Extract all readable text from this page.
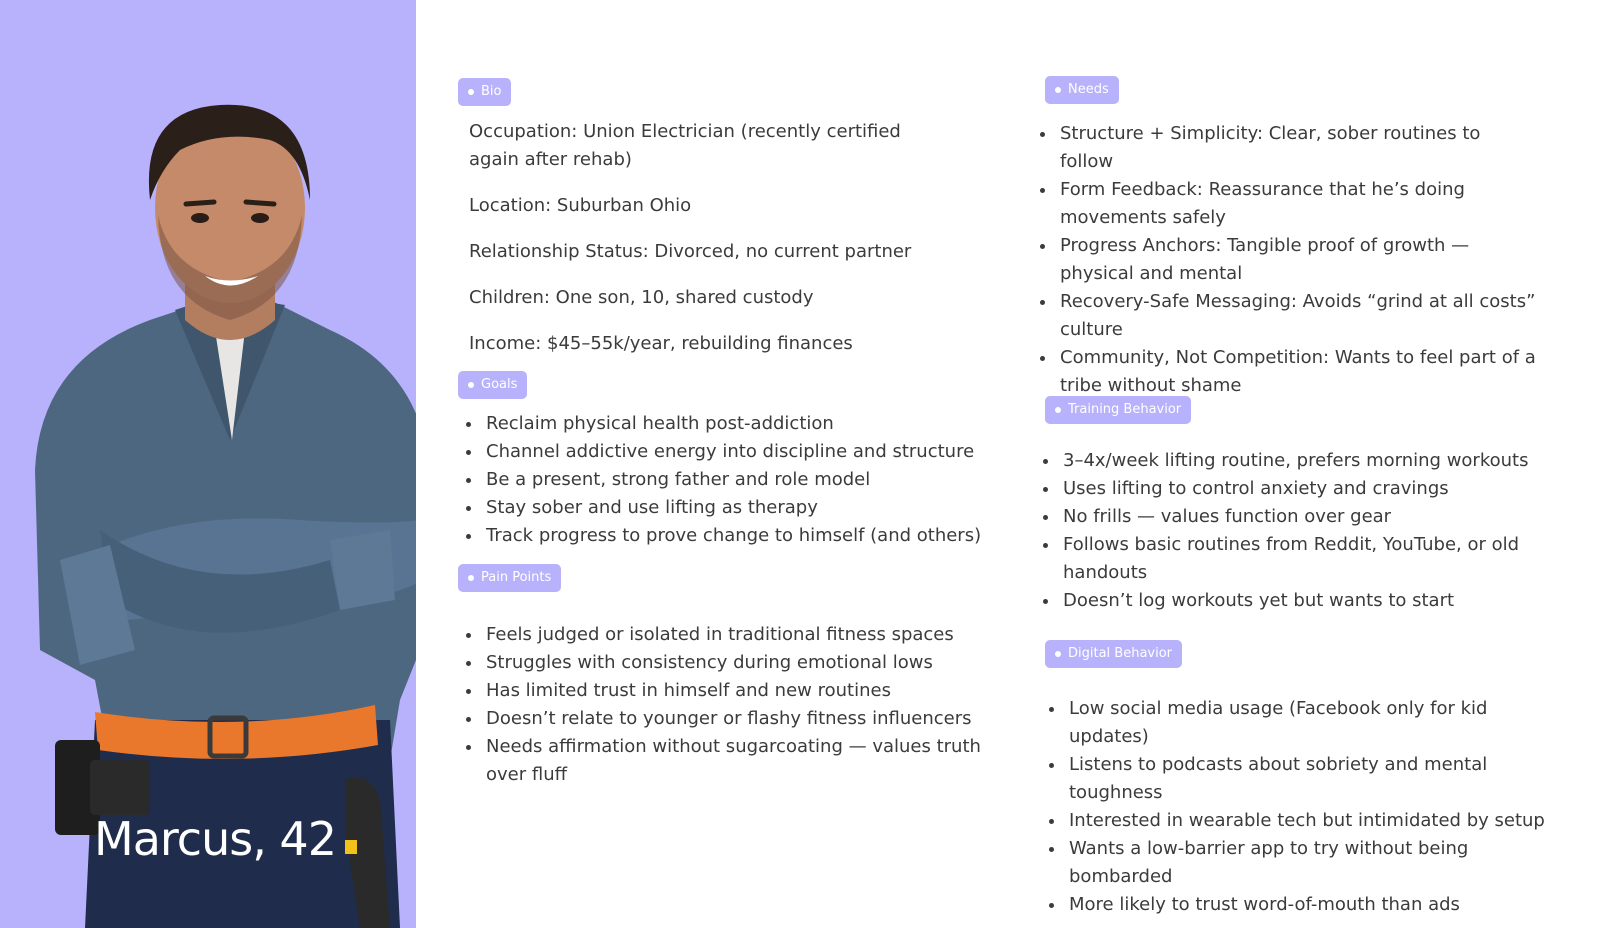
Marcus, 42
Bio
Occupation: Union Electrician (recently certified again after rehab)
Location: Suburban Ohio
Relationship Status: Divorced, no current partner
Children: One son, 10, shared custody
Income: $45–55k/year, rebuilding finances
Goals
Reclaim physical health post-addiction
Channel addictive energy into discipline and structure
Be a present, strong father and role model
Stay sober and use lifting as therapy
Track progress to prove change to himself (and others)
Pain Points
Feels judged or isolated in traditional fitness spaces
Struggles with consistency during emotional lows
Has limited trust in himself and new routines
Doesn’t relate to younger or flashy fitness influencers
Needs affirmation without sugarcoating — values truth over fluff
Needs
Structure + Simplicity: Clear, sober routines to follow
Form Feedback: Reassurance that he’s doing movements safely
Progress Anchors: Tangible proof of growth — physical and mental
Recovery-Safe Messaging: Avoids “grind at all costs” culture
Community, Not Competition: Wants to feel part of a tribe without shame
Training Behavior
3–4x/week lifting routine, prefers morning workouts
Uses lifting to control anxiety and cravings
No frills — values function over gear
Follows basic routines from Reddit, YouTube, or old handouts
Doesn’t log workouts yet but wants to start
Digital Behavior
Low social media usage (Facebook only for kid updates)
Listens to podcasts about sobriety and mental toughness
Interested in wearable tech but intimidated by setup
Wants a low-barrier app to try without being bombarded
More likely to trust word-of-mouth than ads
